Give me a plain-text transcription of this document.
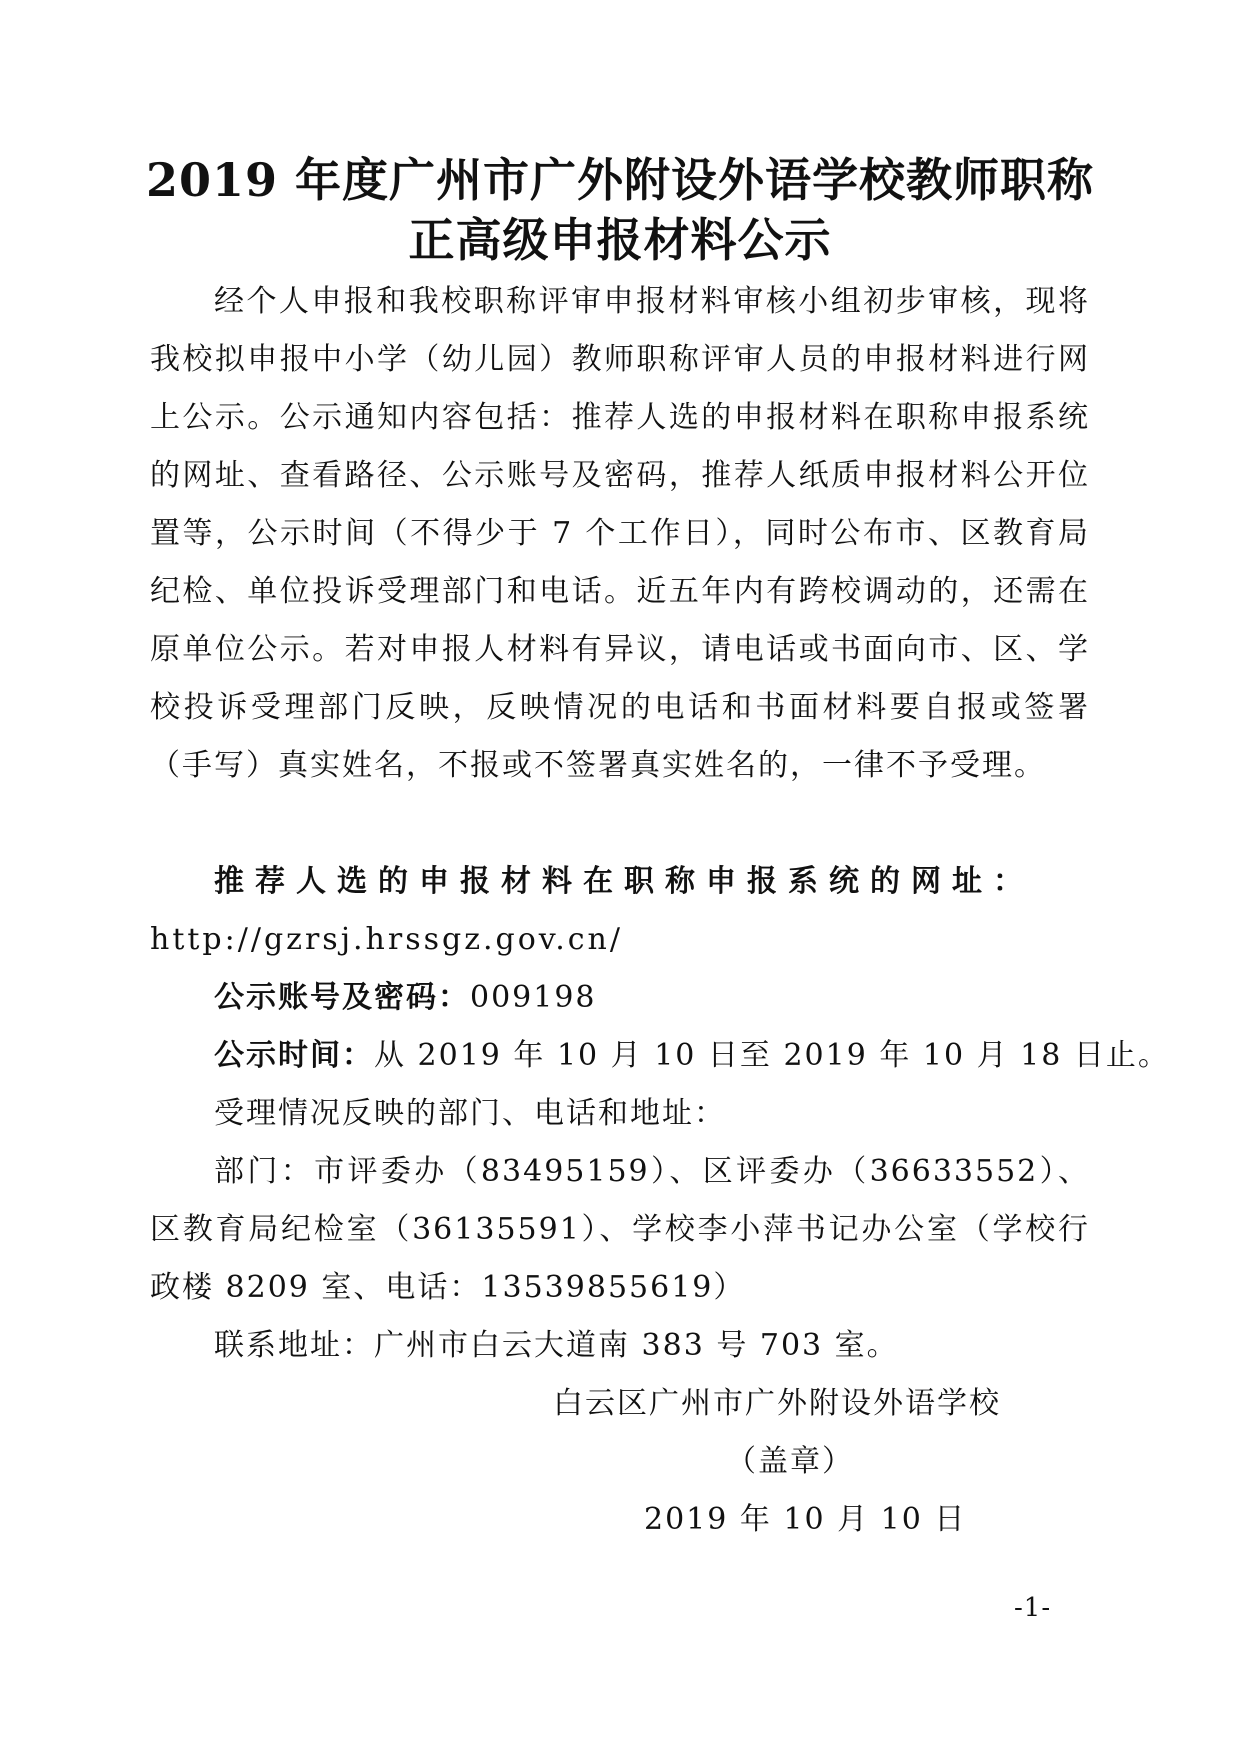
2019 年度广州市广外附设外语学校教师职称
正高级申报材料公示
经个人申报和我校职称评审申报材料审核小组初步审核，现将我校拟申报中小学（幼儿园）教师职称评审人员的申报材料进行网上公示。公示通知内容包括：推荐人选的申报材料在职称申报系统的网址、查看路径、公示账号及密码，推荐人纸质申报材料公开位置等，公示时间（不得少于 7 个工作日），同时公布市、区教育局纪检、单位投诉受理部门和电话。近五年内有跨校调动的，还需在原单位公示。若对申报人材料有异议，请电话或书面向市、区、学校投诉受理部门反映，反映情况的电话和书面材料要自报或签署（手写）真实姓名，不报或不签署真实姓名的，一律不予受理。
推荐人选的申报材料在职称申报系统的网址：
http://gzrsj.hrssgz.gov.cn/
公示账号及密码：009198
公示时间：从 2019 年 10 月 10 日至 2019 年 10 月 18 日止。
受理情况反映的部门、电话和地址：
部门：市评委办（83495159）、区评委办（36633552）、区教育局纪检室（36135591）、学校李小萍书记办公室（学校行政楼 8209 室、电话：13539855619）
联系地址：广州市白云大道南 383 号 703 室。
白云区广州市广外附设外语学校
（盖章）
2019 年 10 月 10 日
-1-
